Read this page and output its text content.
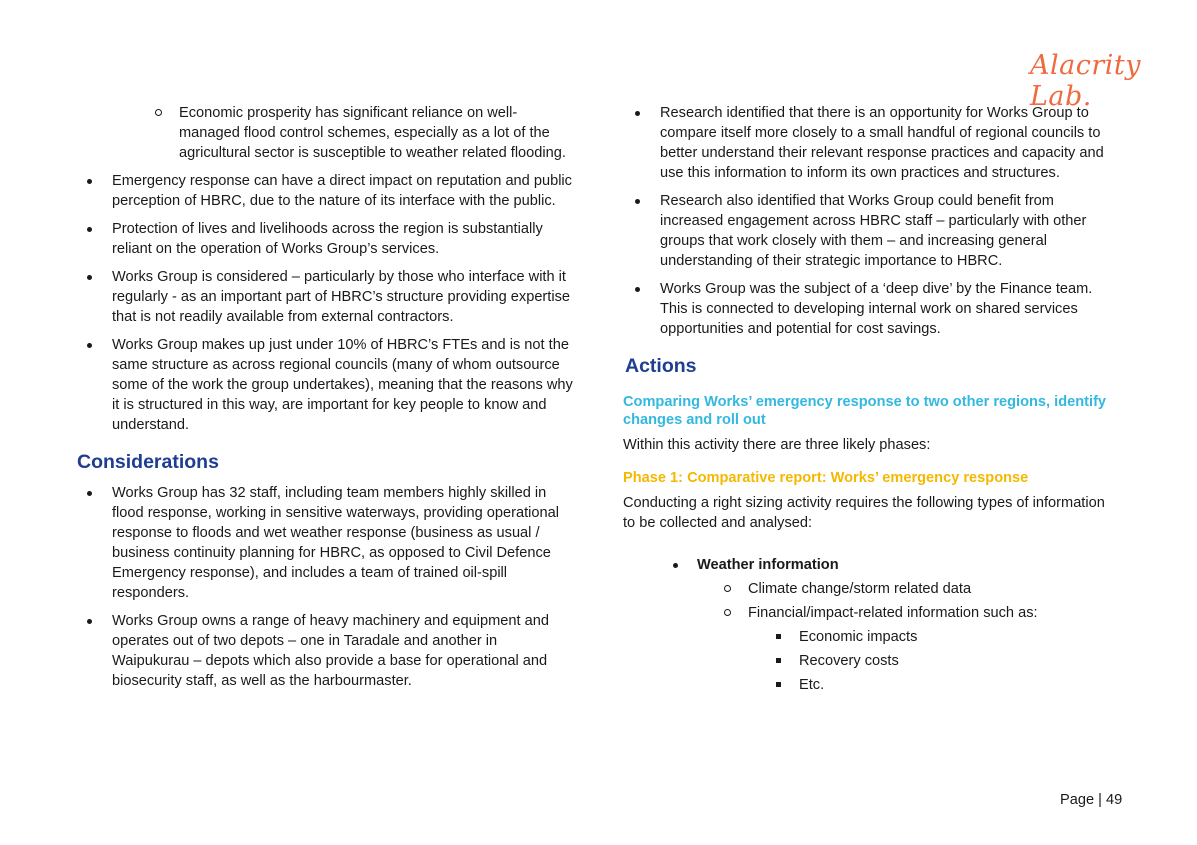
Alacrity Lab.
Economic prosperity has significant reliance on well-managed flood control schemes, especially as a lot of the agricultural sector is susceptible to weather related flooding.
Emergency response can have a direct impact on reputation and public perception of HBRC, due to the nature of its interface with the public.
Protection of lives and livelihoods across the region is substantially reliant on the operation of Works Group’s services.
Works Group is considered – particularly by those who interface with it regularly - as an important part of HBRC’s structure providing expertise that is not readily available from external contractors.
Works Group makes up just under 10% of HBRC’s FTEs and is not the same structure as across regional councils (many of whom outsource some of the work the group undertakes), meaning that the reasons why it is structured in this way, are important for key people to know and understand.
Considerations
Works Group has 32 staff, including team members highly skilled in flood response, working in sensitive waterways, providing operational response to floods and wet weather response (business as usual / business continuity planning for HBRC, as opposed to Civil Defence Emergency response), and includes a team of trained oil-spill responders.
Works Group owns a range of heavy machinery and equipment and operates out of two depots – one in Taradale and another in Waipukurau – depots which also provide a base for operational and biosecurity staff, as well as the harbourmaster.
Research identified that there is an opportunity for Works Group to compare itself more closely to a small handful of regional councils to better understand their relevant response practices and capacity and use this information to inform its own practices and structures.
Research also identified that Works Group could benefit from increased engagement across HBRC staff – particularly with other groups that work closely with them – and increasing general understanding of their strategic importance to HBRC.
Works Group was the subject of a ‘deep dive’ by the Finance team. This is connected to developing internal work on shared services opportunities and potential for cost savings.
Actions
Comparing Works’ emergency response to two other regions, identify changes and roll out

Within this activity there are three likely phases:

Phase 1: Comparative report: Works’ emergency response

Conducting a right sizing activity requires the following types of information to be collected and analysed:

Weather information
Climate change/storm related data
Financial/impact-related information such as:
Economic impacts
Recovery costs
Etc.
Page | 49
